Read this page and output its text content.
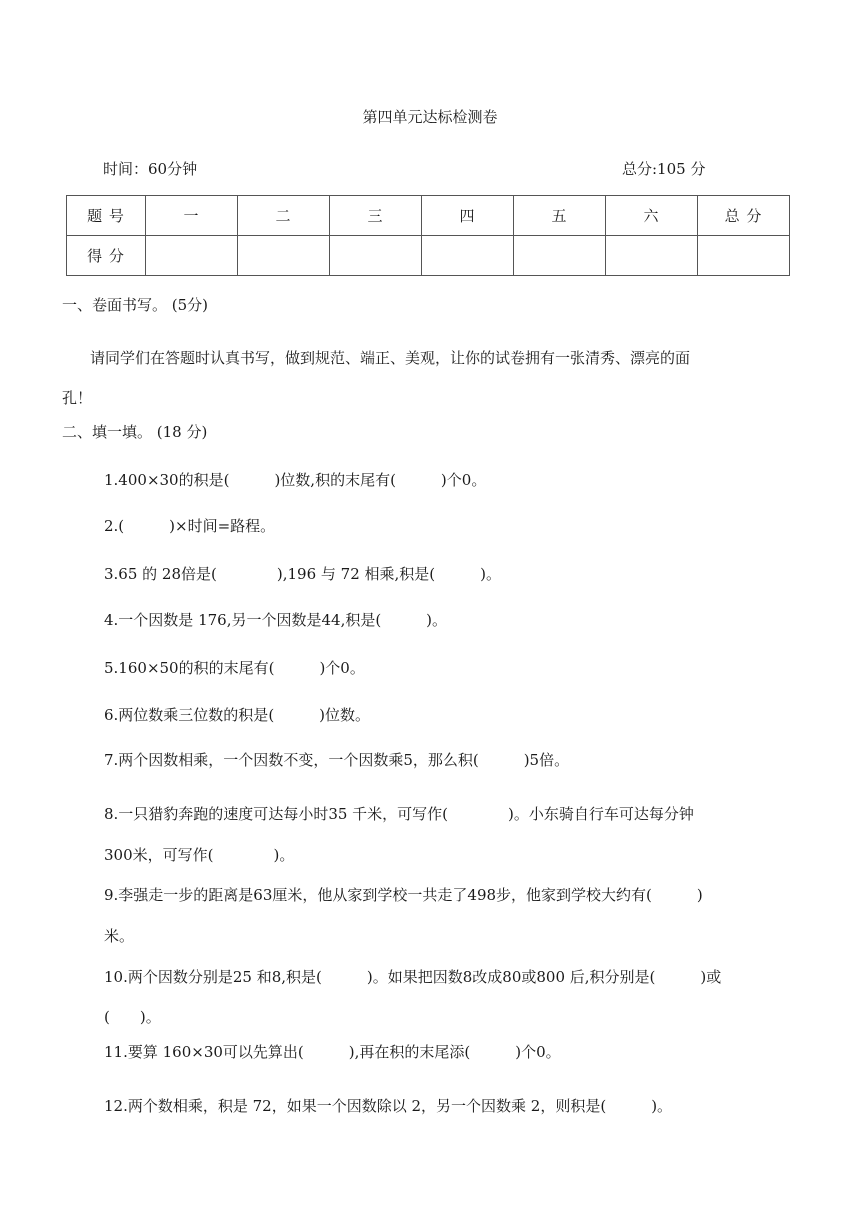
第四单元达标检测卷
时间：60分钟	总分:105 分
题 号	一	二	三	四	五	六	总 分
得 分							
一、卷面书写。 (5分)
请同学们在答题时认真书写，做到规范、端正、美观，让你的试卷拥有一张清秀、漂亮的面
孔！
二、填一填。 (18 分)
1.400×30的积是(　　　)位数,积的末尾有(　　　)个0。
2.(　　　)×时间=路程。
3.65 的 28倍是(　　　　),196 与 72 相乘,积是(　　　)。
4.一个因数是 176,另一个因数是44,积是(　　　)。
5.160×50的积的末尾有(　　　)个0。
6.两位数乘三位数的积是(　　　)位数。
7.两个因数相乘，一个因数不变，一个因数乘5，那么积(　　　)5倍。
8.一只猎豹奔跑的速度可达每小时35 千米，可写作(　　　　)。小东骑自行车可达每分钟
300米，可写作(　　　　)。
9.李强走一步的距离是63厘米，他从家到学校一共走了498步，他家到学校大约有(　　　)
米。
10.两个因数分别是25 和8,积是(　　　)。如果把因数8改成80或800 后,积分别是(　　　)或
(　　)。
11.要算 160×30可以先算出(　　　),再在积的末尾添(　　　)个0。
12.两个数相乘，积是 72，如果一个因数除以 2，另一个因数乘 2，则积是(　　　)。
